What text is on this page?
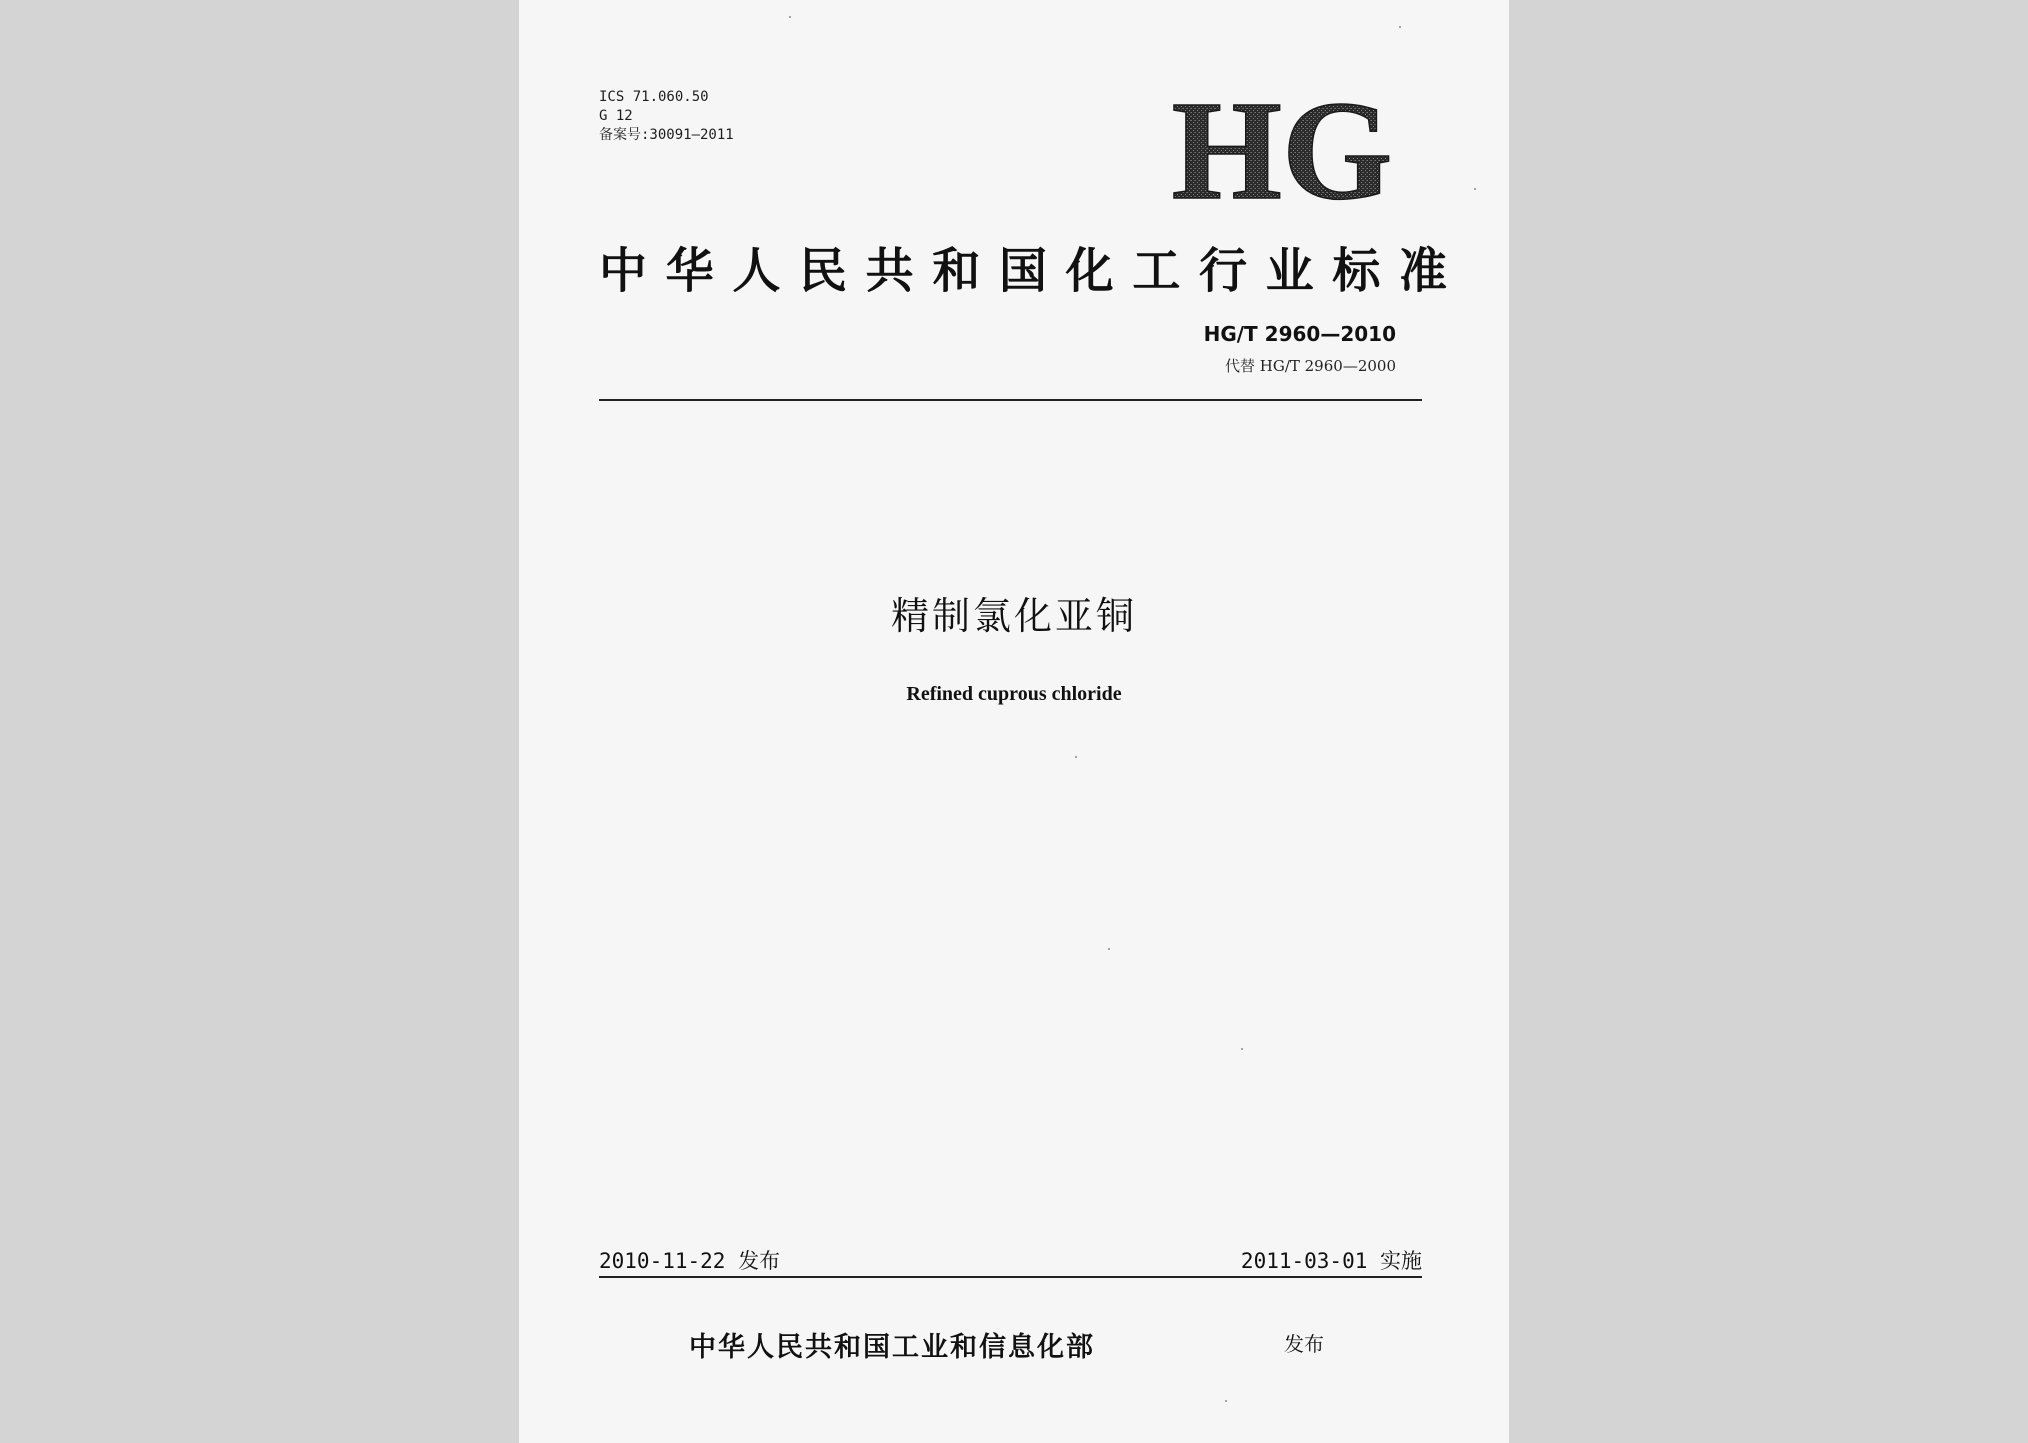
ICS 71.060.50
G 12
备案号:30091—2011	HG
中华人民共和国化工行业标准
HG/T 2960—2010
代替 HG/T 2960—2000
精制氯化亚铜
Refined cuprous chloride
2010-11-22 发布	2011-03-01 实施
中华人民共和国工业和信息化部	发布
